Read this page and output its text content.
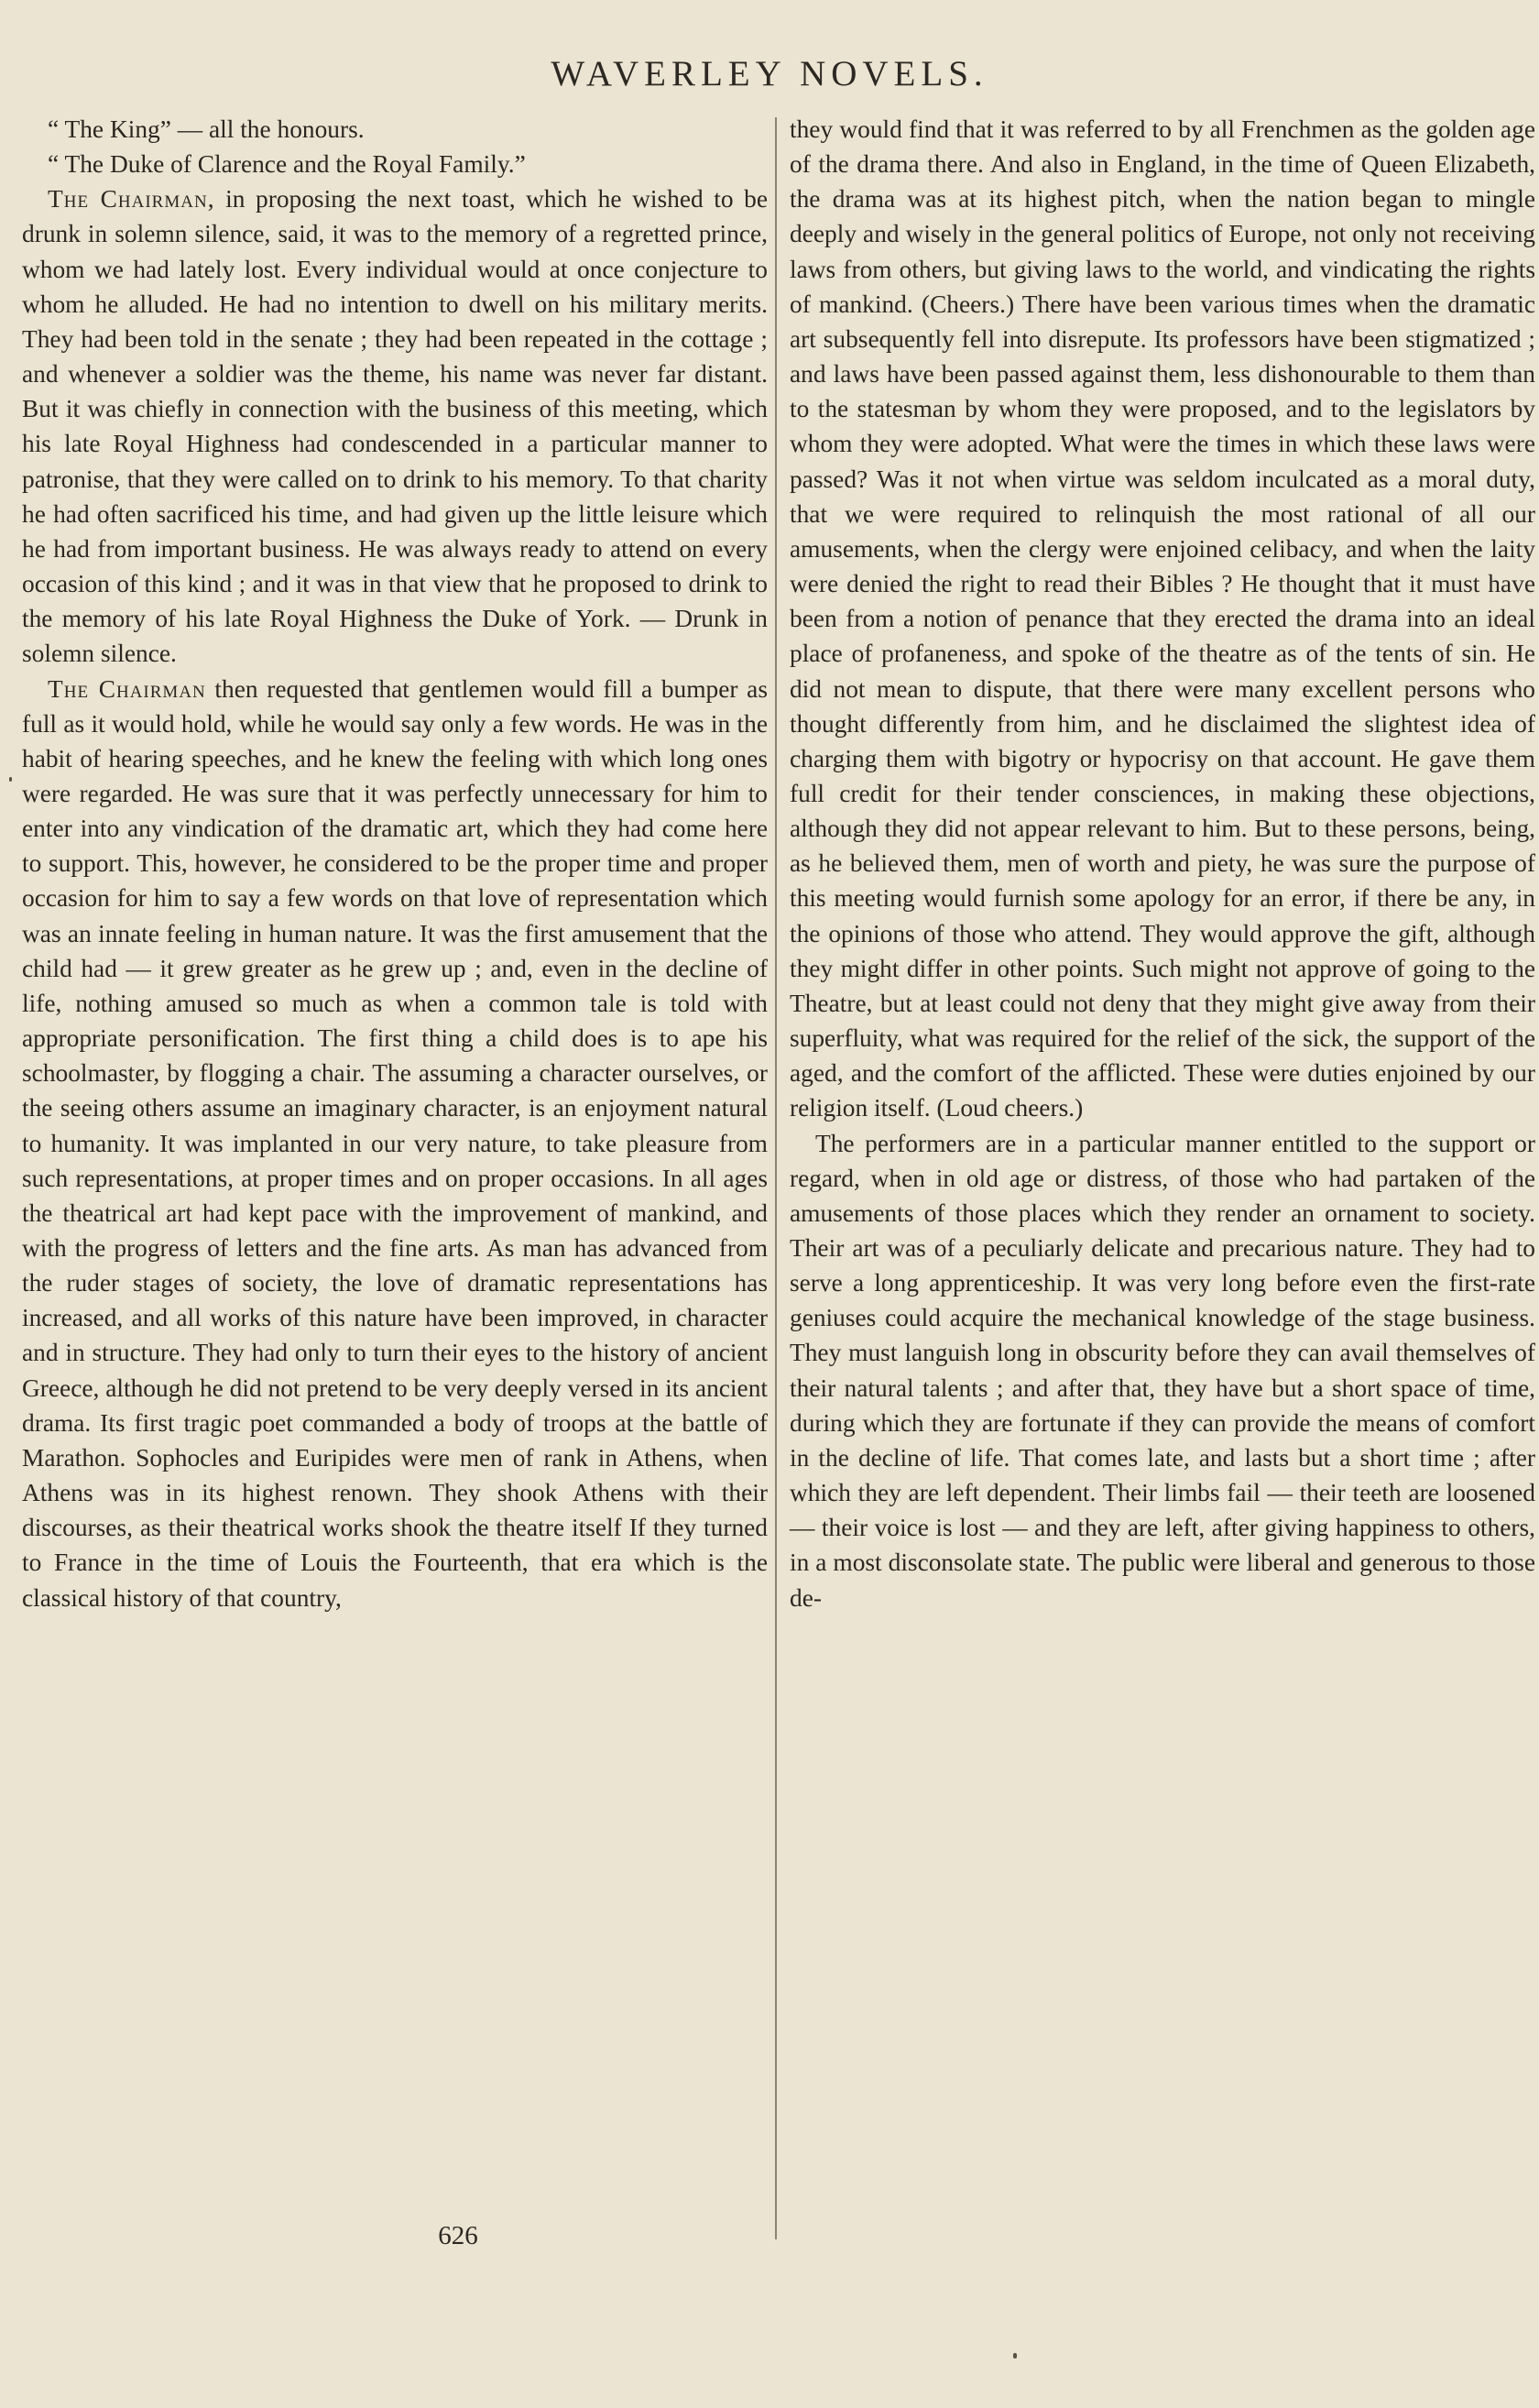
WAVERLEY NOVELS.

“ The King” — all the honours.

“ The Duke of Clarence and the Royal Family.”

The Chairman, in proposing the next toast, which he wished to be drunk in solemn silence, said, it was to the memory of a regretted prince, whom we had lately lost. Every individual would at once conjecture to whom he alluded. He had no intention to dwell on his military merits. They had been told in the senate ; they had been repeated in the cottage ; and whenever a soldier was the theme, his name was never far distant. But it was chiefly in connection with the business of this meeting, which his late Royal Highness had condescended in a particular manner to patronise, that they were called on to drink to his memory. To that charity he had often sacrificed his time, and had given up the little leisure which he had from important business. He was always ready to attend on every occasion of this kind ; and it was in that view that he proposed to drink to the memory of his late Royal Highness the Duke of York. — Drunk in solemn silence.

The Chairman then requested that gentlemen would fill a bumper as full as it would hold, while he would say only a few words. He was in the habit of hearing speeches, and he knew the feeling with which long ones were regarded. He was sure that it was perfectly unnecessary for him to enter into any vindication of the dramatic art, which they had come here to support. This, however, he considered to be the proper time and proper occasion for him to say a few words on that love of representation which was an innate feeling in human nature. It was the first amusement that the child had — it grew greater as he grew up ; and, even in the decline of life, nothing amused so much as when a common tale is told with appropriate personification. The first thing a child does is to ape his schoolmaster, by flogging a chair. The assuming a character ourselves, or the seeing others assume an imaginary character, is an enjoyment natural to humanity. It was implanted in our very nature, to take pleasure from such representations, at proper times and on proper occasions. In all ages the theatrical art had kept pace with the improvement of mankind, and with the progress of letters and the fine arts. As man has advanced from the ruder stages of society, the love of dramatic representations has increased, and all works of this nature have been improved, in character and in structure. They had only to turn their eyes to the history of ancient Greece, although he did not pretend to be very deeply versed in its ancient drama. Its first tragic poet commanded a body of troops at the battle of Marathon. Sophocles and Euripides were men of rank in Athens, when Athens was in its highest renown. They shook Athens with their discourses, as their theatrical works shook the theatre itself If they turned to France in the time of Louis the Fourteenth, that era which is the classical history of that country,

they would find that it was referred to by all Frenchmen as the golden age of the drama there. And also in England, in the time of Queen Elizabeth, the drama was at its highest pitch, when the nation began to mingle deeply and wisely in the general politics of Europe, not only not receiving laws from others, but giving laws to the world, and vindicating the rights of mankind. (Cheers.) There have been various times when the dramatic art subsequently fell into disrepute. Its professors have been stigmatized ; and laws have been passed against them, less dishonourable to them than to the statesman by whom they were proposed, and to the legislators by whom they were adopted. What were the times in which these laws were passed? Was it not when virtue was seldom inculcated as a moral duty, that we were required to relinquish the most rational of all our amusements, when the clergy were enjoined celibacy, and when the laity were denied the right to read their Bibles ? He thought that it must have been from a notion of penance that they erected the drama into an ideal place of profaneness, and spoke of the theatre as of the tents of sin. He did not mean to dispute, that there were many excellent persons who thought differently from him, and he disclaimed the slightest idea of charging them with bigotry or hypocrisy on that account. He gave them full credit for their tender consciences, in making these objections, although they did not appear relevant to him. But to these persons, being, as he believed them, men of worth and piety, he was sure the purpose of this meeting would furnish some apology for an error, if there be any, in the opinions of those who attend. They would approve the gift, although they might differ in other points. Such might not approve of going to the Theatre, but at least could not deny that they might give away from their superfluity, what was required for the relief of the sick, the support of the aged, and the comfort of the afflicted. These were duties enjoined by our religion itself. (Loud cheers.)

The performers are in a particular manner entitled to the support or regard, when in old age or distress, of those who had partaken of the amusements of those places which they render an ornament to society. Their art was of a peculiarly delicate and precarious nature. They had to serve a long apprenticeship. It was very long before even the first-rate geniuses could acquire the mechanical knowledge of the stage business. They must languish long in obscurity before they can avail themselves of their natural talents ; and after that, they have but a short space of time, during which they are fortunate if they can provide the means of comfort in the decline of life. That comes late, and lasts but a short time ; after which they are left dependent. Their limbs fail — their teeth are loosened — their voice is lost — and they are left, after giving happiness to others, in a most disconsolate state. The public were liberal and generous to those de-

626
